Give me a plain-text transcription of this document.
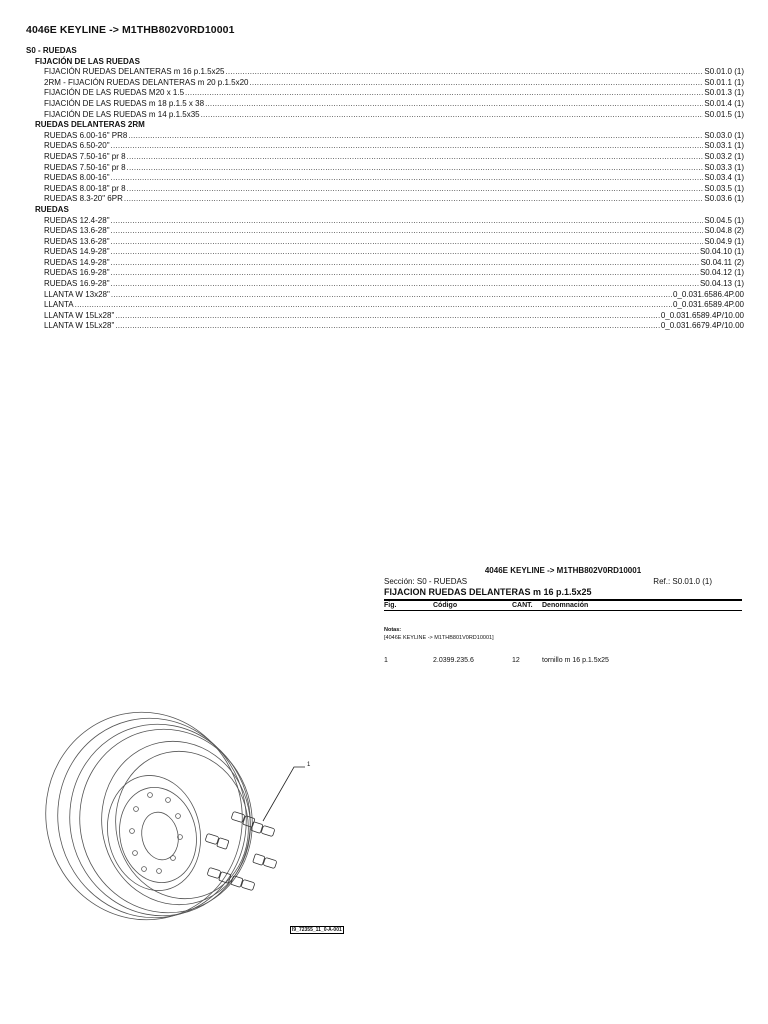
4046E KEYLINE -> M1THB802V0RD10001
S0 - RUEDAS
FIJACIÓN DE LAS RUEDAS
FIJACIÓN RUEDAS DELANTERAS m 16 p.1.5x25 .....	S0.01.0 (1)
2RM - FIJACIÓN RUEDAS DELANTERAS m 20 p.1.5x20 .....	S0.01.1 (1)
FIJACIÓN DE LAS RUEDAS M20 x 1.5 .....	S0.01.3 (1)
FIJACIÓN DE LAS RUEDAS m 18 p.1.5 x 38 .....	S0.01.4 (1)
FIJACIÓN DE LAS RUEDAS m 14 p.1.5x35 .....	S0.01.5 (1)
RUEDAS DELANTERAS 2RM
RUEDAS 6.00-16" PR8 .....	S0.03.0 (1)
RUEDAS 6.50-20" .....	S0.03.1 (1)
RUEDAS 7.50-16" pr 8 .....	S0.03.2 (1)
RUEDAS 7.50-16" pr 8 .....	S0.03.3 (1)
RUEDAS 8.00-16" .....	S0.03.4 (1)
RUEDAS 8.00-18" pr 8 .....	S0.03.5 (1)
RUEDAS 8.3-20" 6PR .....	S0.03.6 (1)
RUEDAS
RUEDAS 12.4-28" .....	S0.04.5 (1)
RUEDAS 13.6-28" .....	S0.04.8 (2)
RUEDAS 13.6-28" .....	S0.04.9 (1)
RUEDAS 14.9-28" .....	S0.04.10 (1)
RUEDAS 14.9-28" .....	S0.04.11 (2)
RUEDAS 16.9-28" .....	S0.04.12 (1)
RUEDAS 16.9-28" .....	S0.04.13 (1)
LLANTA W 13x28" .....	0_0.031.6586.4P.00
LLANTA .....	0_0.031.6589.4P.00
LLANTA W 15Lx28" .....	0_0.031.6589.4P/10.00
LLANTA W 15Lx28" .....	0_0.031.6679.4P/10.00
4046E KEYLINE -> M1THB802V0RD10001
Sección: S0 - RUEDAS	Ref.: S0.01.0 (1)
FIJACION RUEDAS DELANTERAS m 16 p.1.5x25
Fig.	Código	CANT. Denomnación
Notas:
[4046E KEYLINE -> M1THB801V0RD10001]
1	2.0399.235.6	12	tornillo m 16 p.1.5x25
1
I9_72355_11_0-A-001
